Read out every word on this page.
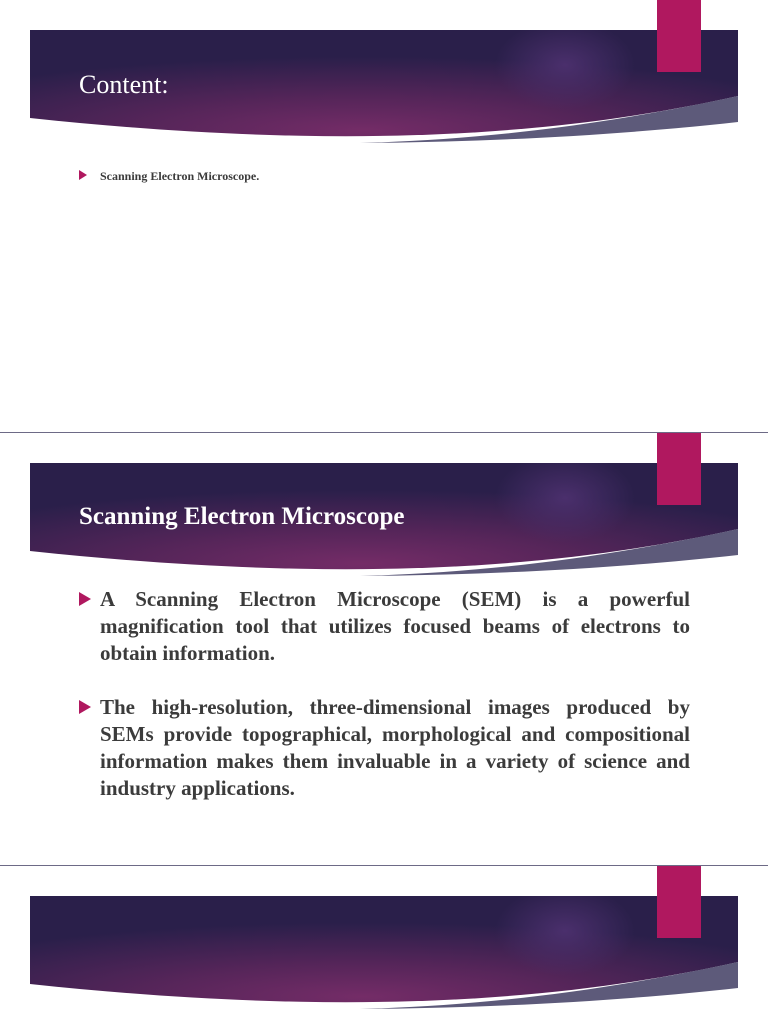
Content:
Scanning Electron Microscope.
Scanning Electron Microscope
A Scanning Electron Microscope (SEM) is a powerful magnification tool that utilizes focused beams of electrons to obtain information.
The high-resolution, three-dimensional images produced by SEMs provide topographical, morphological and compositional information makes them invaluable in a variety of science and industry applications.
